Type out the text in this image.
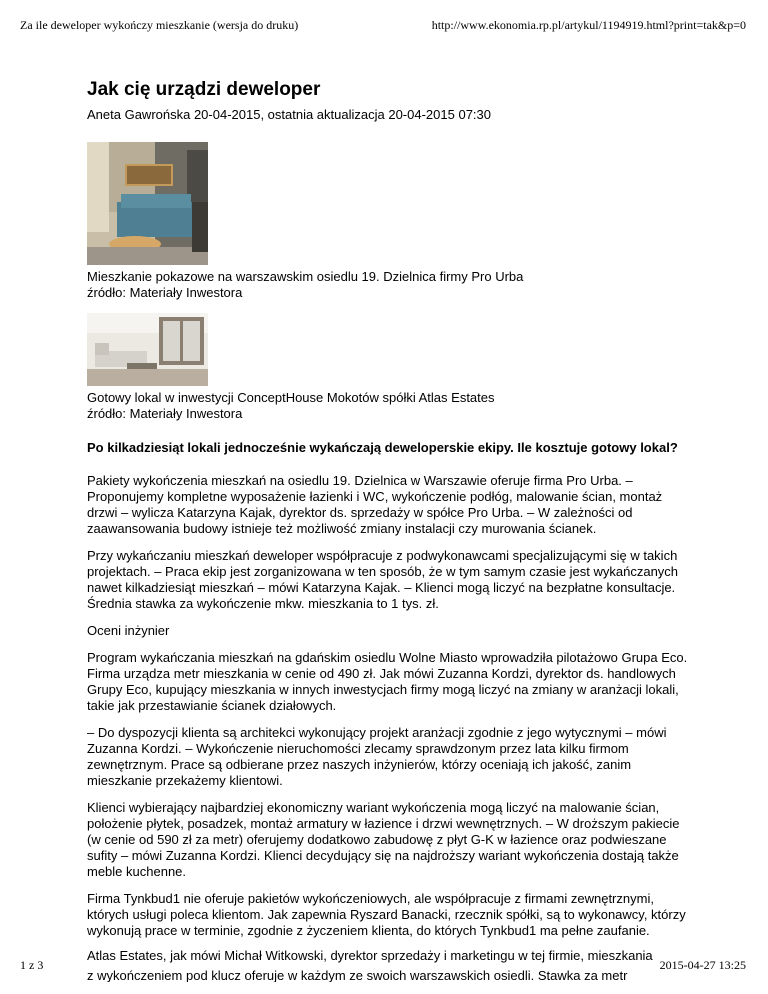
Za ile deweloper wykończy mieszkanie (wersja do druku)	http://www.ekonomia.rp.pl/artykul/1194919.html?print=tak&p=0
Jak cię urządzi deweloper
Aneta Gawrońska 20-04-2015, ostatnia aktualizacja 20-04-2015 07:30
Mieszkanie pokazowe na warszawskim osiedlu 19. Dzielnica firmy Pro Urba
źródło: Materiały Inwestora
Gotowy lokal w inwestycji ConceptHouse Mokotów spółki Atlas Estates
źródło: Materiały Inwestora
Po kilkadziesiąt lokali jednocześnie wykańczają deweloperskie ekipy. Ile kosztuje gotowy lokal?

Pakiety wykończenia mieszkań na osiedlu 19. Dzielnica w Warszawie oferuje firma Pro Urba. – Proponujemy kompletne wyposażenie łazienki i WC, wykończenie podłóg, malowanie ścian, montaż drzwi – wylicza Katarzyna Kajak, dyrektor ds. sprzedaży w spółce Pro Urba. – W zależności od zaawansowania budowy istnieje też możliwość zmiany instalacji czy murowania ścianek.

Przy wykańczaniu mieszkań deweloper współpracuje z podwykonawcami specjalizującymi się w takich projektach. – Praca ekip jest zorganizowana w ten sposób, że w tym samym czasie jest wykańczanych nawet kilkadziesiąt mieszkań – mówi Katarzyna Kajak. – Klienci mogą liczyć na bezpłatne konsultacje. Średnia stawka za wykończenie mkw. mieszkania to 1 tys. zł.

Oceni inżynier

Program wykańczania mieszkań na gdańskim osiedlu Wolne Miasto wprowadziła pilotażowo Grupa Eco. Firma urządza metr mieszkania w cenie od 490 zł. Jak mówi Zuzanna Kordzi, dyrektor ds. handlowych Grupy Eco, kupujący mieszkania w innych inwestycjach firmy mogą liczyć na zmiany w aranżacji lokali, takie jak przestawianie ścianek działowych.

– Do dyspozycji klienta są architekci wykonujący projekt aranżacji zgodnie z jego wytycznymi – mówi Zuzanna Kordzi. – Wykończenie nieruchomości zlecamy sprawdzonym przez lata kilku firmom zewnętrznym. Prace są odbierane przez naszych inżynierów, którzy oceniają ich jakość, zanim mieszkanie przekażemy klientowi.

Klienci wybierający najbardziej ekonomiczny wariant wykończenia mogą liczyć na malowanie ścian, położenie płytek, posadzek, montaż armatury w łazience i drzwi wewnętrznych. – W droższym pakiecie (w cenie od 590 zł za metr) oferujemy dodatkowo zabudowę z płyt G-K w łazience oraz podwieszane sufity – mówi Zuzanna Kordzi. Klienci decydujący się na najdroższy wariant wykończenia dostają także meble kuchenne.

Firma Tynkbud1 nie oferuje pakietów wykończeniowych, ale współpracuje z firmami zewnętrznymi, których usługi poleca klientom. Jak zapewnia Ryszard Banacki, rzecznik spółki, są to wykonawcy, którzy wykonują prace w terminie, zgodnie z życzeniem klienta, do których Tynkbud1 ma pełne zaufanie.

Atlas Estates, jak mówi Michał Witkowski, dyrektor sprzedaży i marketingu w tej firmie, mieszkania

z wykończeniem pod klucz oferuje w każdym ze swoich warszawskich osiedli. Stawka za metr

1 z 3	2015-04-27 13:25
